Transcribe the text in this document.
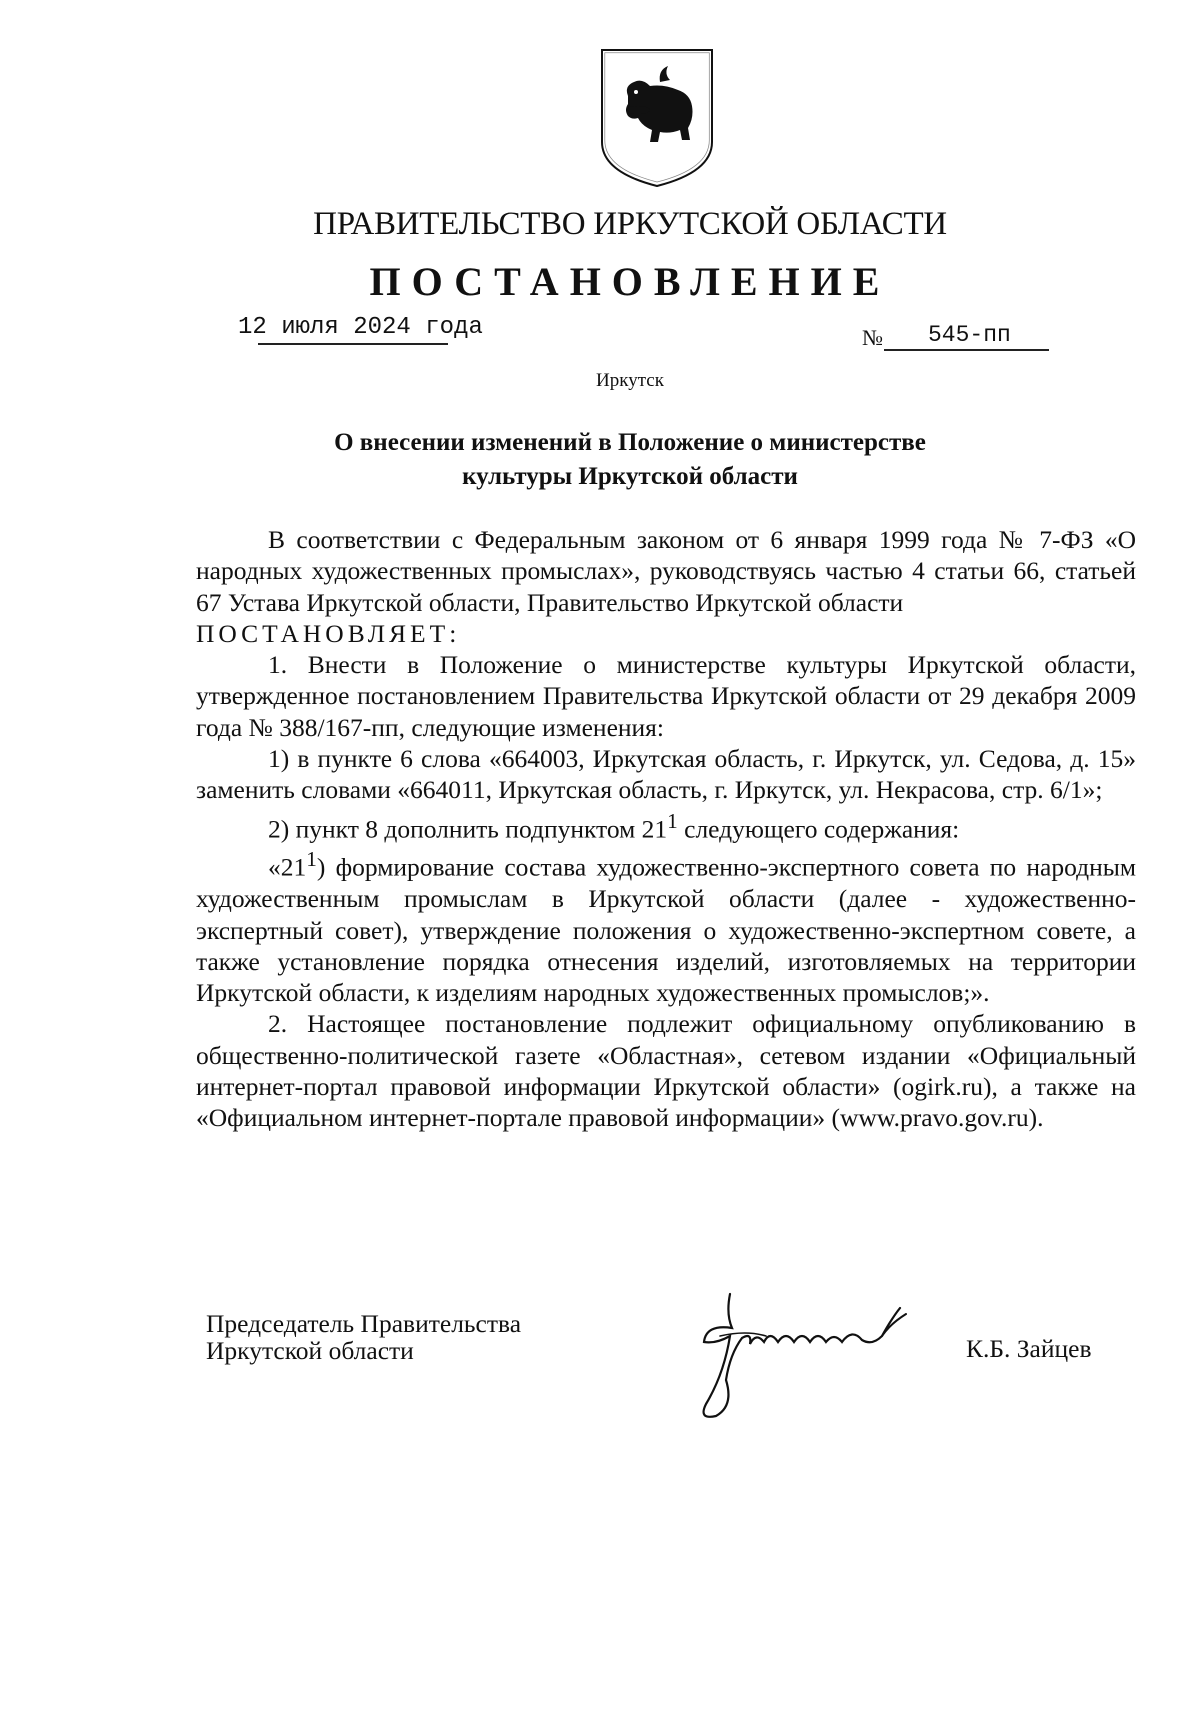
ПРАВИТЕЛЬСТВО ИРКУТСКОЙ ОБЛАСТИ
ПОСТАНОВЛЕНИЕ
12 июля 2024 года	№ 545-пп
Иркутск
О внесении изменений в Положение о министерстве
культуры Иркутской области

В соответствии с Федеральным законом от 6 января 1999 года № 7-ФЗ «О народных художественных промыслах», руководствуясь частью 4 статьи 66, статьей 67 Устава Иркутской области, Правительство Иркутской области

ПОСТАНОВЛЯЕТ:

1. Внести в Положение о министерстве культуры Иркутской области, утвержденное постановлением Правительства Иркутской области от 29 декабря 2009 года № 388/167-пп, следующие изменения:

1) в пункте 6 слова «664003, Иркутская область, г. Иркутск, ул. Седова, д. 15» заменить словами «664011, Иркутская область, г. Иркутск, ул. Некрасова, стр. 6/1»;

2) пункт 8 дополнить подпунктом $21^1$ следующего содержания:

«$21^1$) формирование состава художественно-экспертного совета по народным художественным промыслам в Иркутской области (далее - художественно-экспертный совет), утверждение положения о художественно-экспертном совете, а также установление порядка отнесения изделий, изготовляемых на территории Иркутской области, к изделиям народных художественных промыслов;».

2. Настоящее постановление подлежит официальному опубликованию в общественно-политической газете «Областная», сетевом издании «Официальный интернет-портал правовой информации Иркутской области» (ogirk.ru), а также на «Официальном интернет-портале правовой информации» (www.pravo.gov.ru).

Председатель Правительства
Иркутской области	К.Б. Зайцев
